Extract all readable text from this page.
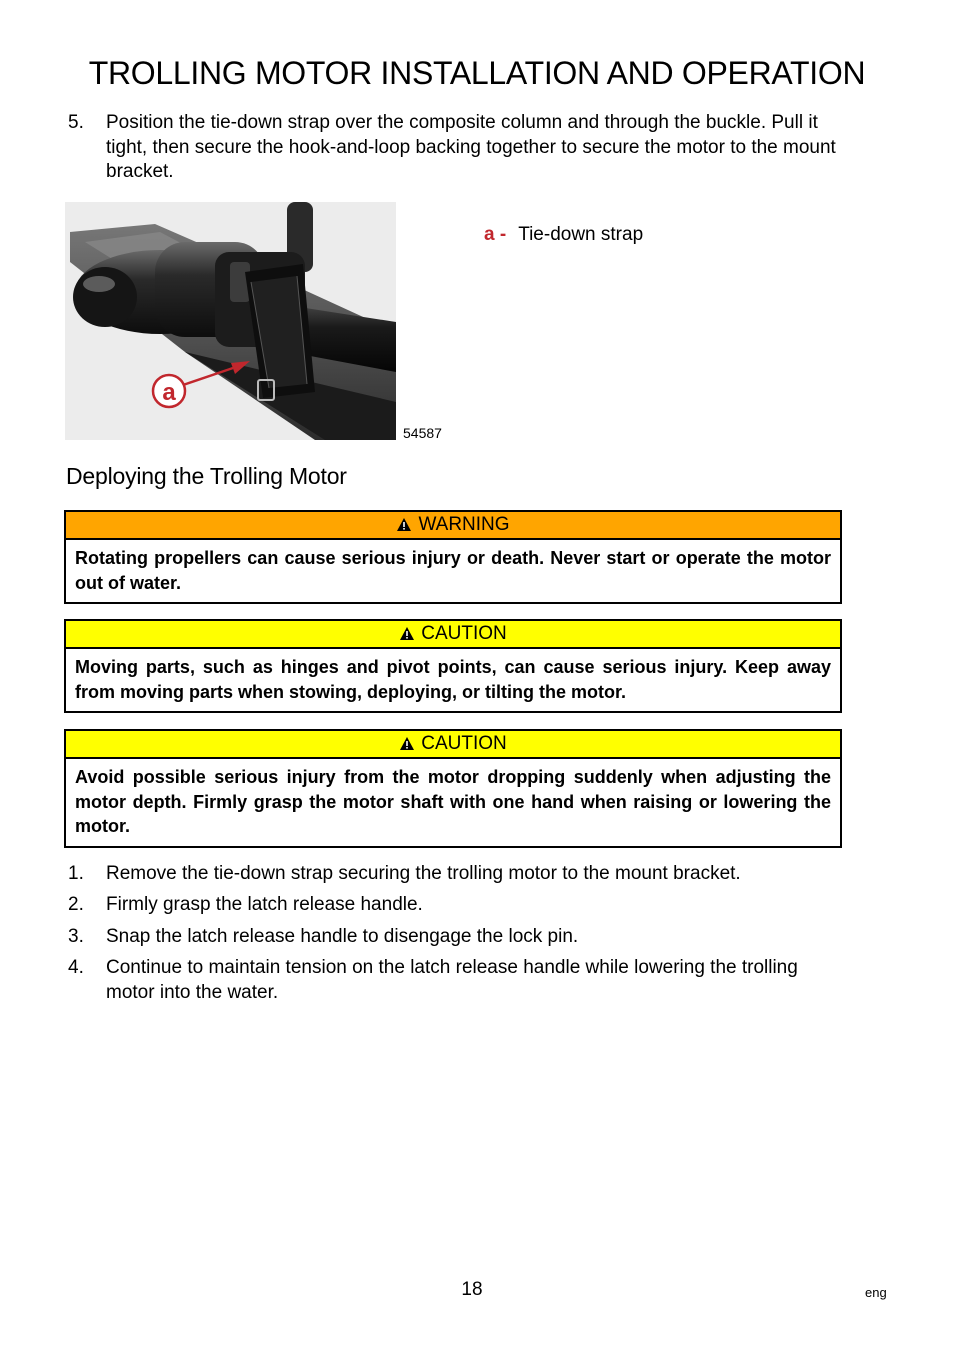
TROLLING MOTOR INSTALLATION AND OPERATION
5. Position the tie-down strap over the composite column and through the buckle. Pull it tight, then secure the hook-and-loop backing together to secure the motor to the mount bracket.
a
54587
a - Tie-down strap
Deploying the Trolling Motor
WARNING
Rotating propellers can cause serious injury or death. Never start or operate the motor out of water.
CAUTION
Moving parts, such as hinges and pivot points, can cause serious injury. Keep away from moving parts when stowing, deploying, or tilting the motor.
CAUTION
Avoid possible serious injury from the motor dropping suddenly when adjusting the motor depth. Firmly grasp the motor shaft with one hand when raising or lowering the motor.
1. Remove the tie-down strap securing the trolling motor to the mount bracket.
2. Firmly grasp the latch release handle.
3. Snap the latch release handle to disengage the lock pin.
4. Continue to maintain tension on the latch release handle while lowering the trolling motor into the water.
18	eng
